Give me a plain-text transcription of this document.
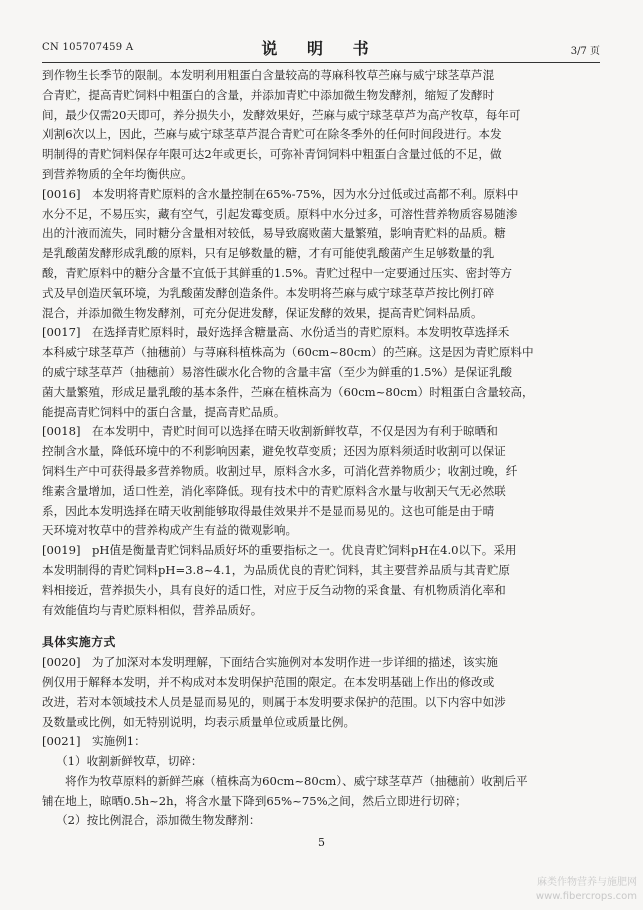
CN 105707459 A	说 明 书	3/7 页
到作物生长季节的限制。本发明利用粗蛋白含量较高的荨麻科牧草苎麻与威宁球茎草芦混
合青贮，提高青贮饲料中粗蛋白的含量，并添加青贮中添加微生物发酵剂，缩短了发酵时
间，最少仅需20天即可，养分损失小，发酵效果好，苎麻与威宁球茎草芦为高产牧草，每年可
刈割6次以上，因此，苎麻与威宁球茎草芦混合青贮可在除冬季外的任何时间段进行。本发
明制得的青贮饲料保存年限可达2年或更长，可弥补青饲饲料中粗蛋白含量过低的不足，做
到营养物质的全年均衡供应。
[0016] 本发明将青贮原料的含水量控制在65%-75%，因为水分过低或过高都不利。原料中
水分不足，不易压实，藏有空气，引起发霉变质。原料中水分过多，可溶性营养物质容易随渗
出的汁液而流失，同时糖分含量相对较低，易导致腐败菌大量繁殖，影响青贮料的品质。糖
是乳酸菌发酵形成乳酸的原料，只有足够数量的糖，才有可能使乳酸菌产生足够数量的乳
酸，青贮原料中的糖分含量不宜低于其鲜重的1.5%。青贮过程中一定要通过压实、密封等方
式及早创造厌氧环境，为乳酸菌发酵创造条件。本发明将苎麻与威宁球茎草芦按比例打碎
混合，并添加微生物发酵剂，可充分促进发酵，保证发酵的效果，提高青贮饲料品质。
[0017] 在选择青贮原料时，最好选择含糖量高、水份适当的青贮原料。本发明牧草选择禾
本科威宁球茎草芦（抽穗前）与荨麻科植株高为（60cm~80cm）的苎麻。这是因为青贮原料中
的威宁球茎草芦（抽穗前）易溶性碳水化合物的含量丰富（至少为鲜重的1.5%）是保证乳酸
菌大量繁殖，形成足量乳酸的基本条件，苎麻在植株高为（60cm~80cm）时粗蛋白含量较高，
能提高青贮饲料中的蛋白含量，提高青贮品质。
[0018] 在本发明中，青贮时间可以选择在晴天收割新鲜牧草，不仅是因为有利于晾晒和
控制含水量，降低环境中的不利影响因素，避免牧草变质；还因为原料须适时收割可以保证
饲料生产中可获得最多营养物质。收割过早，原料含水多，可消化营养物质少；收割过晚，纤
维素含量增加，适口性差，消化率降低。现有技术中的青贮原料含水量与收割天气无必然联
系，因此本发明选择在晴天收割能够取得最佳效果并不是显而易见的。这也可能是由于晴
天环境对牧草中的营养构成产生有益的微观影响。
[0019] pH值是衡量青贮饲料品质好坏的重要指标之一。优良青贮饲料pH在4.0以下。采用
本发明制得的青贮饲料pH=3.8~4.1，为品质优良的青贮饲料，其主要营养品质与其青贮原
料相接近，营养损失小，具有良好的适口性，对应于反刍动物的采食量、有机物质消化率和
有效能值均与青贮原料相似，营养品质好。
具体实施方式
[0020] 为了加深对本发明理解，下面结合实施例对本发明作进一步详细的描述，该实施
例仅用于解释本发明，并不构成对本发明保护范围的限定。在本发明基础上作出的修改或
改进，若对本领域技术人员是显而易见的，则属于本发明要求保护的范围。以下内容中如涉
及数量或比例，如无特别说明，均表示质量单位或质量比例。
[0021] 实施例1：
（1）收割新鲜牧草，切碎：
将作为牧草原料的新鲜苎麻（植株高为60cm~80cm）、威宁球茎草芦（抽穗前）收割后平
铺在地上，晾晒0.5h~2h，将含水量下降到65%~75%之间，然后立即进行切碎；
（2）按比例混合，添加微生物发酵剂：
5
麻类作物营养与施肥网
www.fibercrops.com
